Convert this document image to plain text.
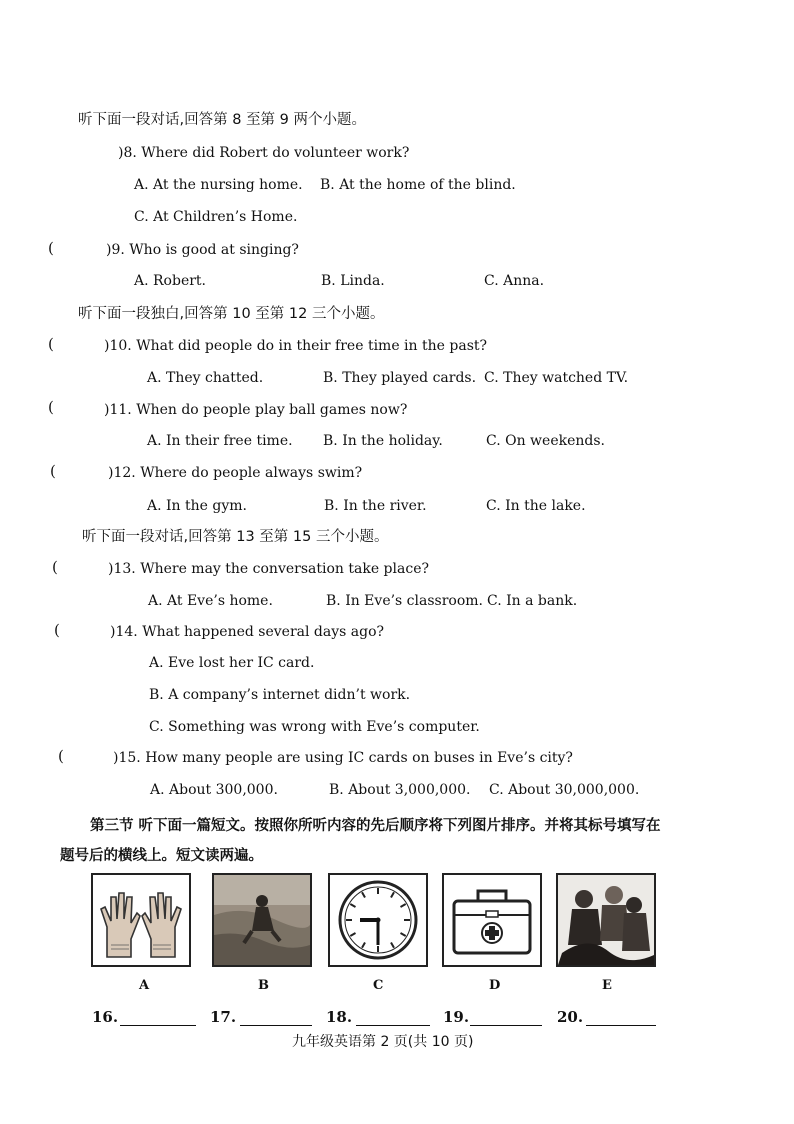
听下面一段对话,回答第 8 至第 9 两个小题。
)8. Where did Robert do volunteer work?
A. At the nursing home. B. At the home of the blind.
C. At Children’s Home.
(	)9. Who is good at singing?
A. Robert.	B. Linda.	C. Anna.
听下面一段独白,回答第 10 至第 12 三个小题。
(	)10. What did people do in their free time in the past?
A. They chatted.	B. They played cards. C. They watched TV.
(	)11. When do people play ball games now?
A. In their free time. B. In the holiday.	C. On weekends.
(	)12. Where do people always swim?
A. In the gym.	B. In the river.	C. In the lake.
听下面一段对话,回答第 13 至第 15 三个小题。
(	)13. Where may the conversation take place?
A. At Eve’s home.	B. In Eve’s classroom. C. In a bank.
(	)14. What happened several days ago?
A. Eve lost her IC card.
B. A company’s internet didn’t work.
C. Something was wrong with Eve’s computer.
(	)15. How many people are using IC cards on buses in Eve’s city?
A. About 300,000.	B. About 3,000,000. C. About 30,000,000.
第三节 听下面一篇短文。按照你所听内容的先后顺序将下列图片排序。并将其标号填写在
题号后的横线上。短文读两遍。
A	B	C	D	E
16.	17.	18.	19.	20.
九年级英语第 2 页(共 10 页)
